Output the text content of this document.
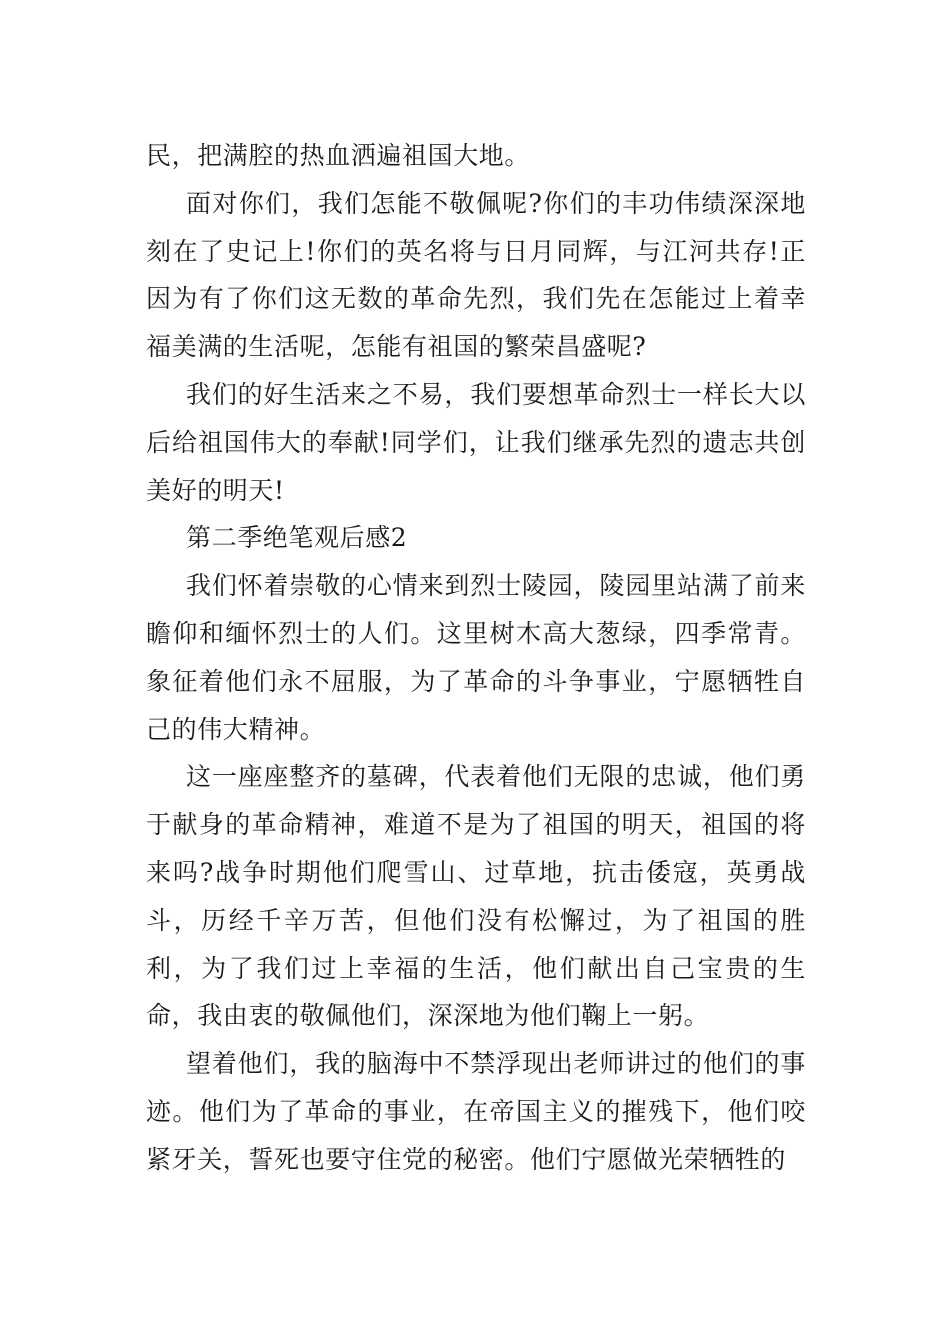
民，把满腔的热血洒遍祖国大地。

面对你们，我们怎能不敬佩呢?你们的丰功伟绩深深地刻在了史记上!你们的英名将与日月同辉，与江河共存!正因为有了你们这无数的革命先烈，我们先在怎能过上着幸福美满的生活呢，怎能有祖国的繁荣昌盛呢?

我们的好生活来之不易，我们要想革命烈士一样长大以后给祖国伟大的奉献!同学们，让我们继承先烈的遗志共创美好的明天!

第二季绝笔观后感2

我们怀着崇敬的心情来到烈士陵园，陵园里站满了前来瞻仰和缅怀烈士的人们。这里树木高大葱绿，四季常青。象征着他们永不屈服，为了革命的斗争事业，宁愿牺牲自己的伟大精神。

这一座座整齐的墓碑，代表着他们无限的忠诚，他们勇于献身的革命精神，难道不是为了祖国的明天，祖国的将来吗?战争时期他们爬雪山、过草地，抗击倭寇，英勇战斗，历经千辛万苦，但他们没有松懈过，为了祖国的胜利，为了我们过上幸福的生活，他们献出自己宝贵的生命，我由衷的敬佩他们，深深地为他们鞠上一躬。

望着他们，我的脑海中不禁浮现出老师讲过的他们的事迹。他们为了革命的事业，在帝国主义的摧残下，他们咬紧牙关，誓死也要守住党的秘密。他们宁愿做光荣牺牲的
